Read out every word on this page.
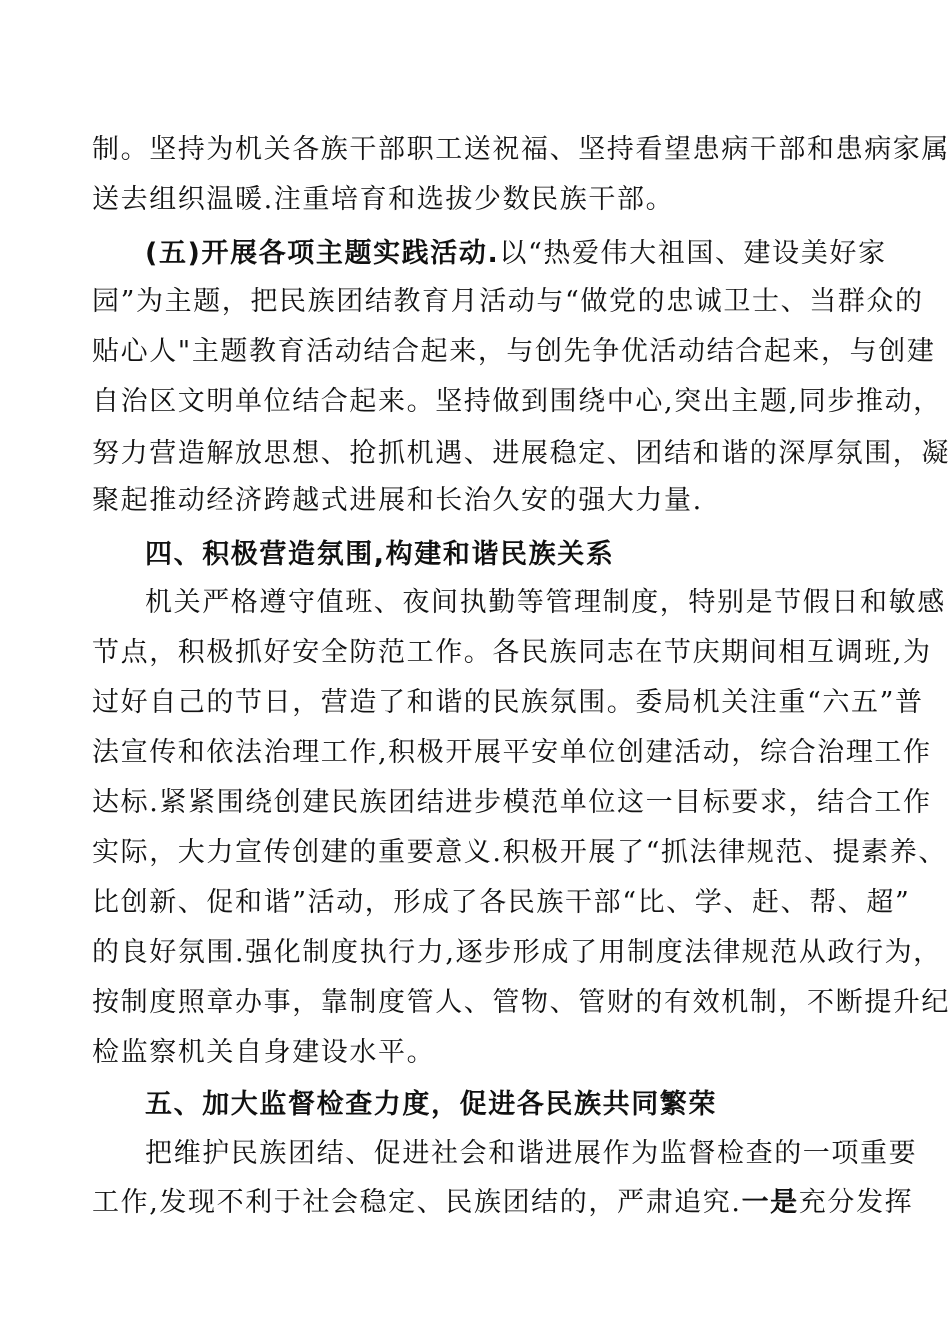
制。坚持为机关各族干部职工送祝福、坚持看望患病干部和患病家属
送去组织温暖.注重培育和选拔少数民族干部。
(五)开展各项主题实践活动.以“热爱伟大祖国、建设美好家
园”为主题，把民族团结教育月活动与“做党的忠诚卫士、当群众的
贴心人"主题教育活动结合起来，与创先争优活动结合起来，与创建
自治区文明单位结合起来。坚持做到围绕中心,突出主题,同步推动，
努力营造解放思想、抢抓机遇、进展稳定、团结和谐的深厚氛围，凝
聚起推动经济跨越式进展和长治久安的强大力量.
四、积极营造氛围,构建和谐民族关系
机关严格遵守值班、夜间执勤等管理制度，特别是节假日和敏感
节点，积极抓好安全防范工作。各民族同志在节庆期间相互调班,为
过好自己的节日，营造了和谐的民族氛围。委局机关注重“六五”普
法宣传和依法治理工作,积极开展平安单位创建活动，综合治理工作
达标.紧紧围绕创建民族团结进步模范单位这一目标要求，结合工作
实际，大力宣传创建的重要意义.积极开展了“抓法律规范、提素养、
比创新、促和谐”活动，形成了各民族干部“比、学、赶、帮、超”
的良好氛围.强化制度执行力,逐步形成了用制度法律规范从政行为，
按制度照章办事，靠制度管人、管物、管财的有效机制，不断提升纪
检监察机关自身建设水平。
五、加大监督检查力度，促进各民族共同繁荣
把维护民族团结、促进社会和谐进展作为监督检查的一项重要
工作,发现不利于社会稳定、民族团结的，严肃追究.一是充分发挥
